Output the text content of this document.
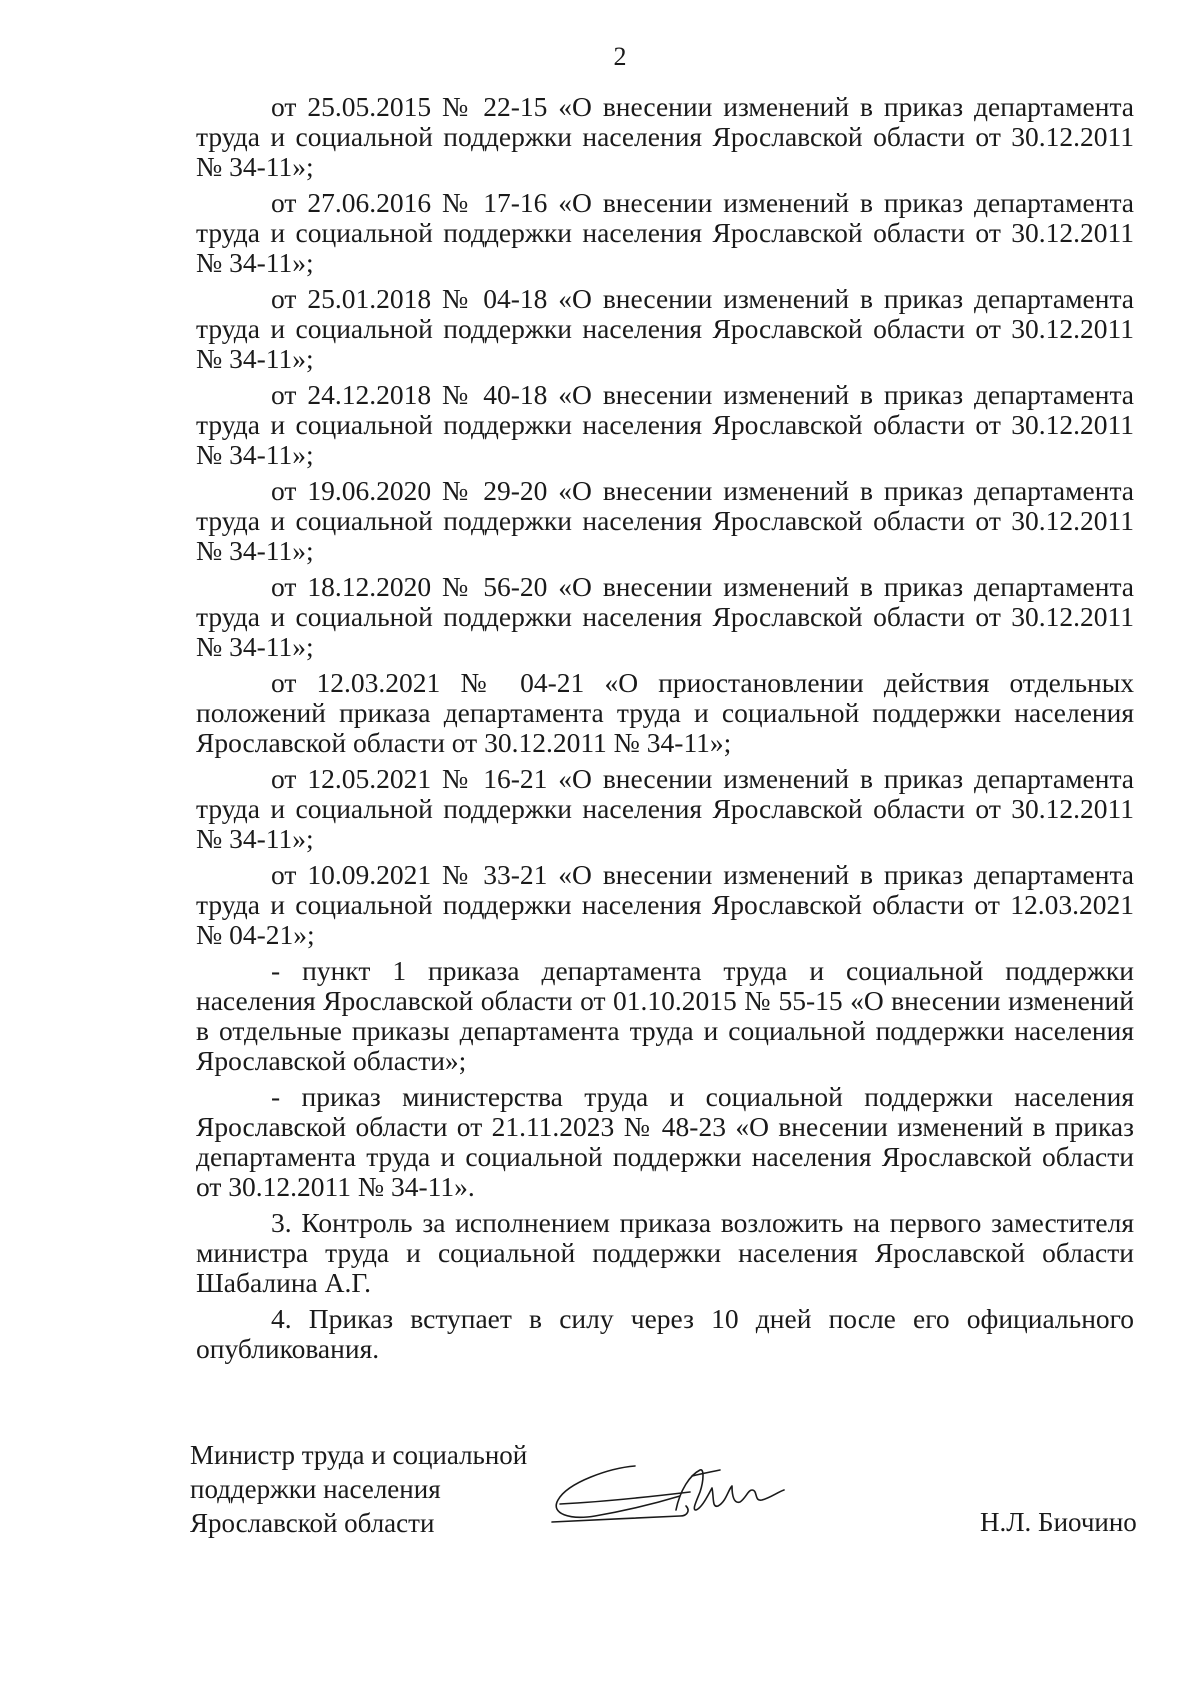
2

от 25.05.2015 № 22-15 «О внесении изменений в приказ департамента труда и социальной поддержки населения Ярославской области от 30.12.2011 № 34-11»;

от 27.06.2016 № 17-16 «О внесении изменений в приказ департамента труда и социальной поддержки населения Ярославской области от 30.12.2011 № 34-11»;

от 25.01.2018 № 04-18 «О внесении изменений в приказ департамента труда и социальной поддержки населения Ярославской области от 30.12.2011 № 34-11»;

от 24.12.2018 № 40-18 «О внесении изменений в приказ департамента труда и социальной поддержки населения Ярославской области от 30.12.2011 № 34-11»;

от 19.06.2020 № 29-20 «О внесении изменений в приказ департамента труда и социальной поддержки населения Ярославской области от 30.12.2011 № 34-11»;

от 18.12.2020 № 56-20 «О внесении изменений в приказ департамента труда и социальной поддержки населения Ярославской области от 30.12.2011 № 34-11»;

от 12.03.2021 № 04-21 «О приостановлении действия отдельных положений приказа департамента труда и социальной поддержки населения Ярославской области от 30.12.2011 № 34-11»;

от 12.05.2021 № 16-21 «О внесении изменений в приказ департамента труда и социальной поддержки населения Ярославской области от 30.12.2011 № 34-11»;

от 10.09.2021 № 33-21 «О внесении изменений в приказ департамента труда и социальной поддержки населения Ярославской области от 12.03.2021 № 04-21»;

- пункт 1 приказа департамента труда и социальной поддержки населения Ярославской области от 01.10.2015 № 55-15 «О внесении изменений в отдельные приказы департамента труда и социальной поддержки населения Ярославской области»;

- приказ министерства труда и социальной поддержки населения Ярославской области от 21.11.2023 № 48-23 «О внесении изменений в приказ департамента труда и социальной поддержки населения Ярославской области от 30.12.2011 № 34-11».

3. Контроль за исполнением приказа возложить на первого заместителя министра труда и социальной поддержки населения Ярославской области Шабалина А.Г.

4. Приказ вступает в силу через 10 дней после его официального опубликования.

Министр труда и социальной
поддержки населения
Ярославской области	Н.Л. Биочино
